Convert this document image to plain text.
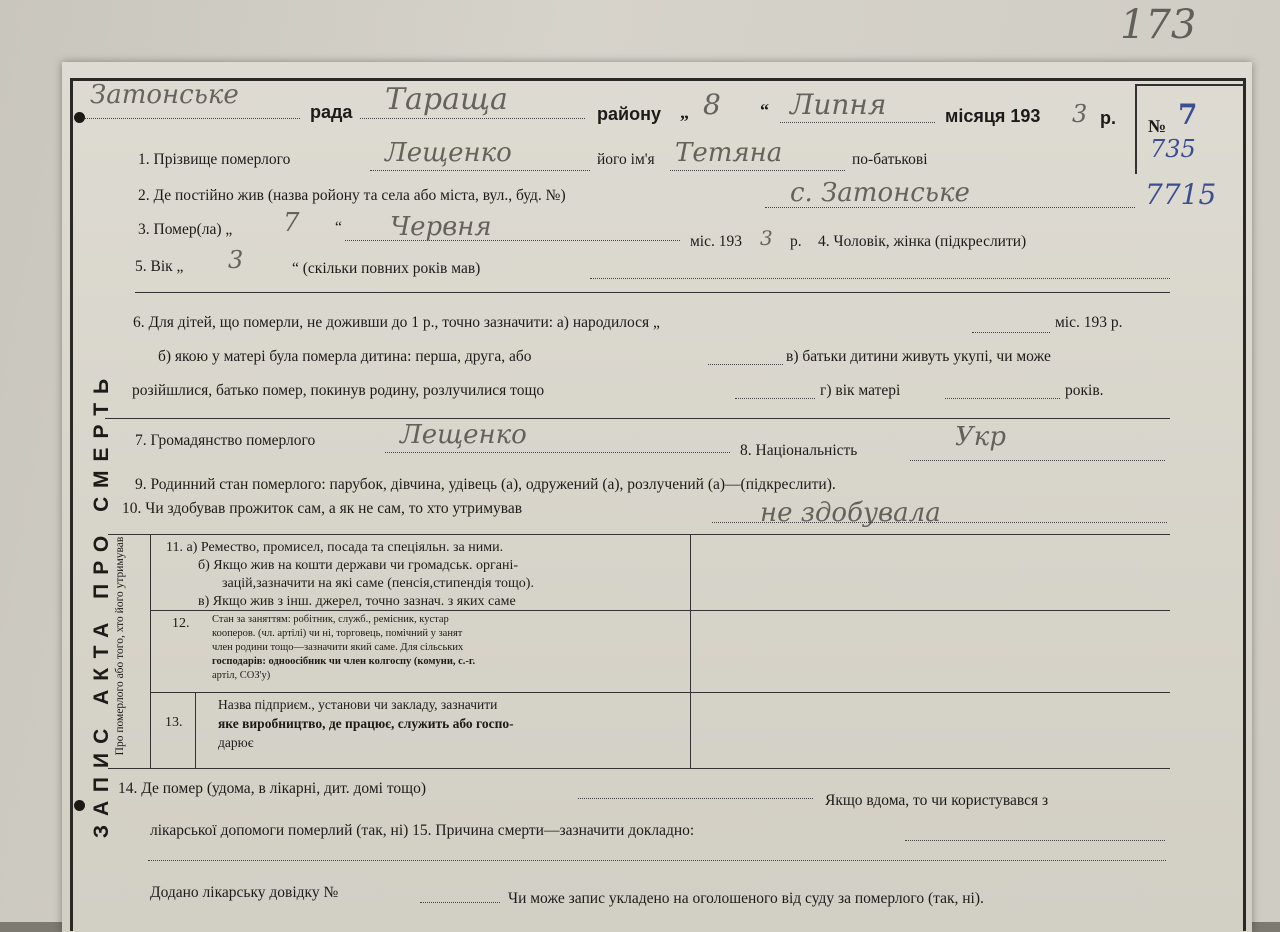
173
ЗАПИС АКТА ПРО СМЕРТЬ
Затонське
рада Тараща	району „ 8 “ Липня	місяця 193 3 р. № 7
735
7715
1. Прізвище померлого	Лещенко	його ім'я Тетяна	по-батькові
2. Де постійно жив (назва ройону та села або міста, вул., буд. №)	с. Затонське
3. Помер(ла) „ 7 “ Червня	міс. 193 3 р. 4. Чоловік, жінка (підкреслити)
5. Вік „ 3	“ (скільки повних років мав)
6. Для дітей, що померли, не доживши до 1 р., точно зазначити: а) народилося „	міс. 193 р.
б) якою у матері була померла дитина: перша, друга, або	в) батьки дитини живуть укупі, чи може
розійшлися, батько помер, покинув родину, розлучилися тощо	г) вік матері	років.
7. Громадянство померлого	Лещенко
8. Національність	Укр
9. Родинний стан померлого: парубок, дівчина, удівець (а), одружений (а), розлучений (а)—(підкреслити).
10. Чи здобував прожиток сам, а як не сам, то хто утримував	не здобувала
Про померлого або того, хто його утримував	11. а) Ремество, промисел, посада та спеціяльн. за ними.
б) Якщо жив на кошти держави чи громадськ. органі-
зацій,зазначити на які саме (пенсія,стипендія тощо).
в) Якщо жив з інш. джерел, точно зазнач. з яких саме
12. Стан за заняттям: робітник, служб., ремісник, кустар
кооперов. (чл. артілі) чи ні, торговець, помічний у занят
член родини тощо—зазначити який саме. Для сільських
господарів: одноосібник чи член колгоспу (комуни, с.-г.
артіл, СОЗ'у)
13.
Назва підприєм., установи чи закладу, зазначити
яке виробництво, де працює, служить або госпо-
дарює
14. Де помер (удома, в лікарні, дит. домі тощо)
Якщо вдома, то чи користувався з
лікарської допомоги померлий (так, ні) 15. Причина смерти—зазначити докладно:
Додано лікарську довідку №	Чи може запис укладено на оголошеного від суду за померлого (так, ні).
